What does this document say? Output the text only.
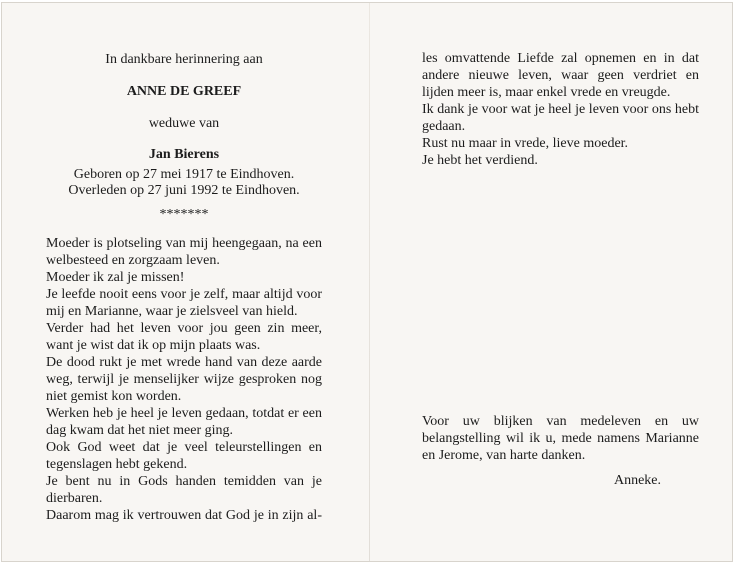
In dankbare herinnering aan
ANNE DE GREEF
weduwe van
Jan Bierens
Geboren op 27 mei 1917 te Eindhoven.
Overleden op 27 juni 1992 te Eindhoven.
*******

Moeder is plotseling van mij heengegaan, na een welbesteed en zorgzaam leven.

Moeder ik zal je missen!

Je leefde nooit eens voor je zelf, maar altijd voor mij en Marianne, waar je zielsveel van hield.

Verder had het leven voor jou geen zin meer, want je wist dat ik op mijn plaats was.

De dood rukt je met wrede hand van deze aarde weg, terwijl je menselijker wijze gesproken nog niet gemist kon worden.

Werken heb je heel je leven gedaan, totdat er een dag kwam dat het niet meer ging.

Ook God weet dat je veel teleurstellingen en tegenslagen hebt gekend.

Je bent nu in Gods handen temidden van je dierbaren.

Daarom mag ik vertrouwen dat God je in zijn al-

les omvattende Liefde zal opnemen en in dat andere nieuwe leven, waar geen verdriet en lijden meer is, maar enkel vrede en vreugde.

Ik dank je voor wat je heel je leven voor ons hebt gedaan.

Rust nu maar in vrede, lieve moeder.

Je hebt het verdiend.

Voor uw blijken van medeleven en uw belangstelling wil ik u, mede namens Marianne en Jerome, van harte danken.

Anneke.
